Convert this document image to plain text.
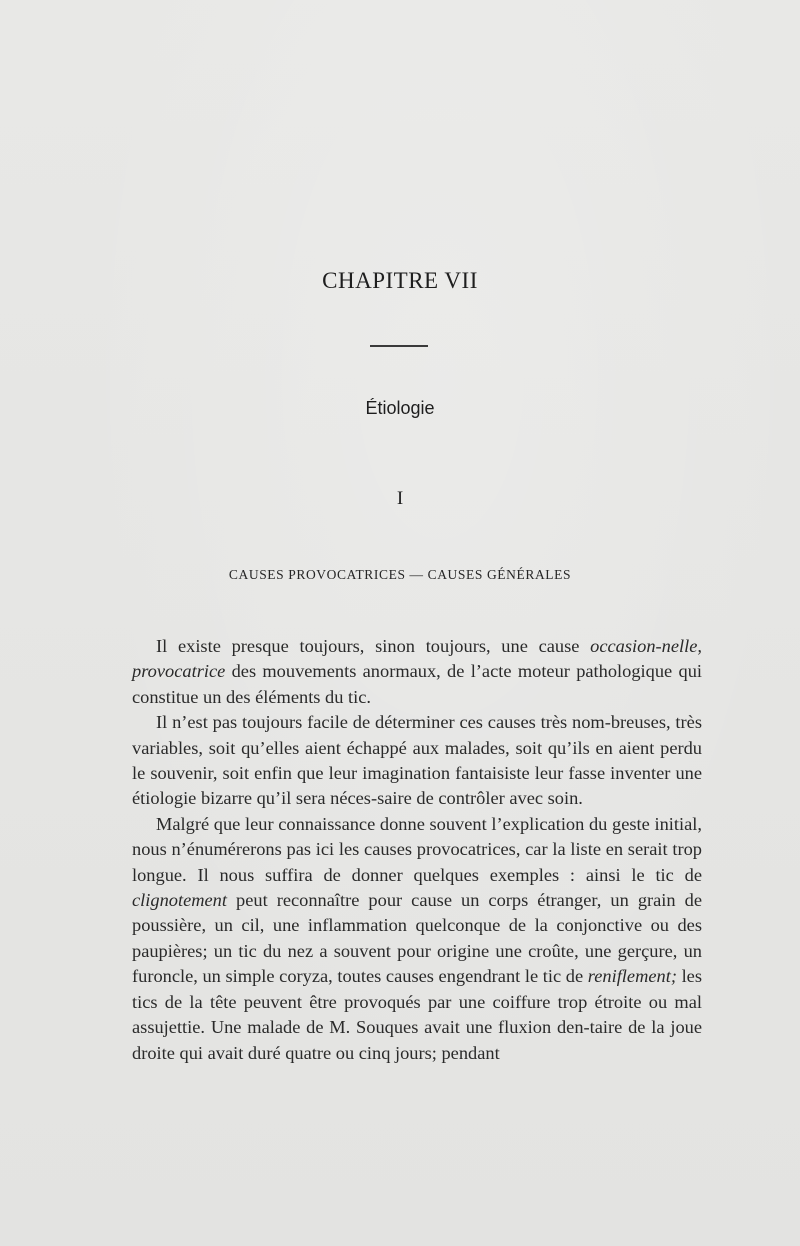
CHAPITRE VII
Étiologie
I
CAUSES PROVOCATRICES — CAUSES GÉNÉRALES

Il existe presque toujours, sinon toujours, une cause occasion-nelle, provocatrice des mouvements anormaux, de l’acte moteur pathologique qui constitue un des éléments du tic.

Il n’est pas toujours facile de déterminer ces causes très nom-breuses, très variables, soit qu’elles aient échappé aux malades, soit qu’ils en aient perdu le souvenir, soit enfin que leur imagination fantaisiste leur fasse inventer une étiologie bizarre qu’il sera néces-saire de contrôler avec soin.

Malgré que leur connaissance donne souvent l’explication du geste initial, nous n’énumérerons pas ici les causes provocatrices, car la liste en serait trop longue. Il nous suffira de donner quelques exemples : ainsi le tic de clignotement peut reconnaître pour cause un corps étranger, un grain de poussière, un cil, une inflammation quelconque de la conjonctive ou des paupières; un tic du nez a souvent pour origine une croûte, une gerçure, un furoncle, un simple coryza, toutes causes engendrant le tic de reniflement; les tics de la tête peuvent être provoqués par une coiffure trop étroite ou mal assujettie. Une malade de M. Souques avait une fluxion den-taire de la joue droite qui avait duré quatre ou cinq jours; pendant
